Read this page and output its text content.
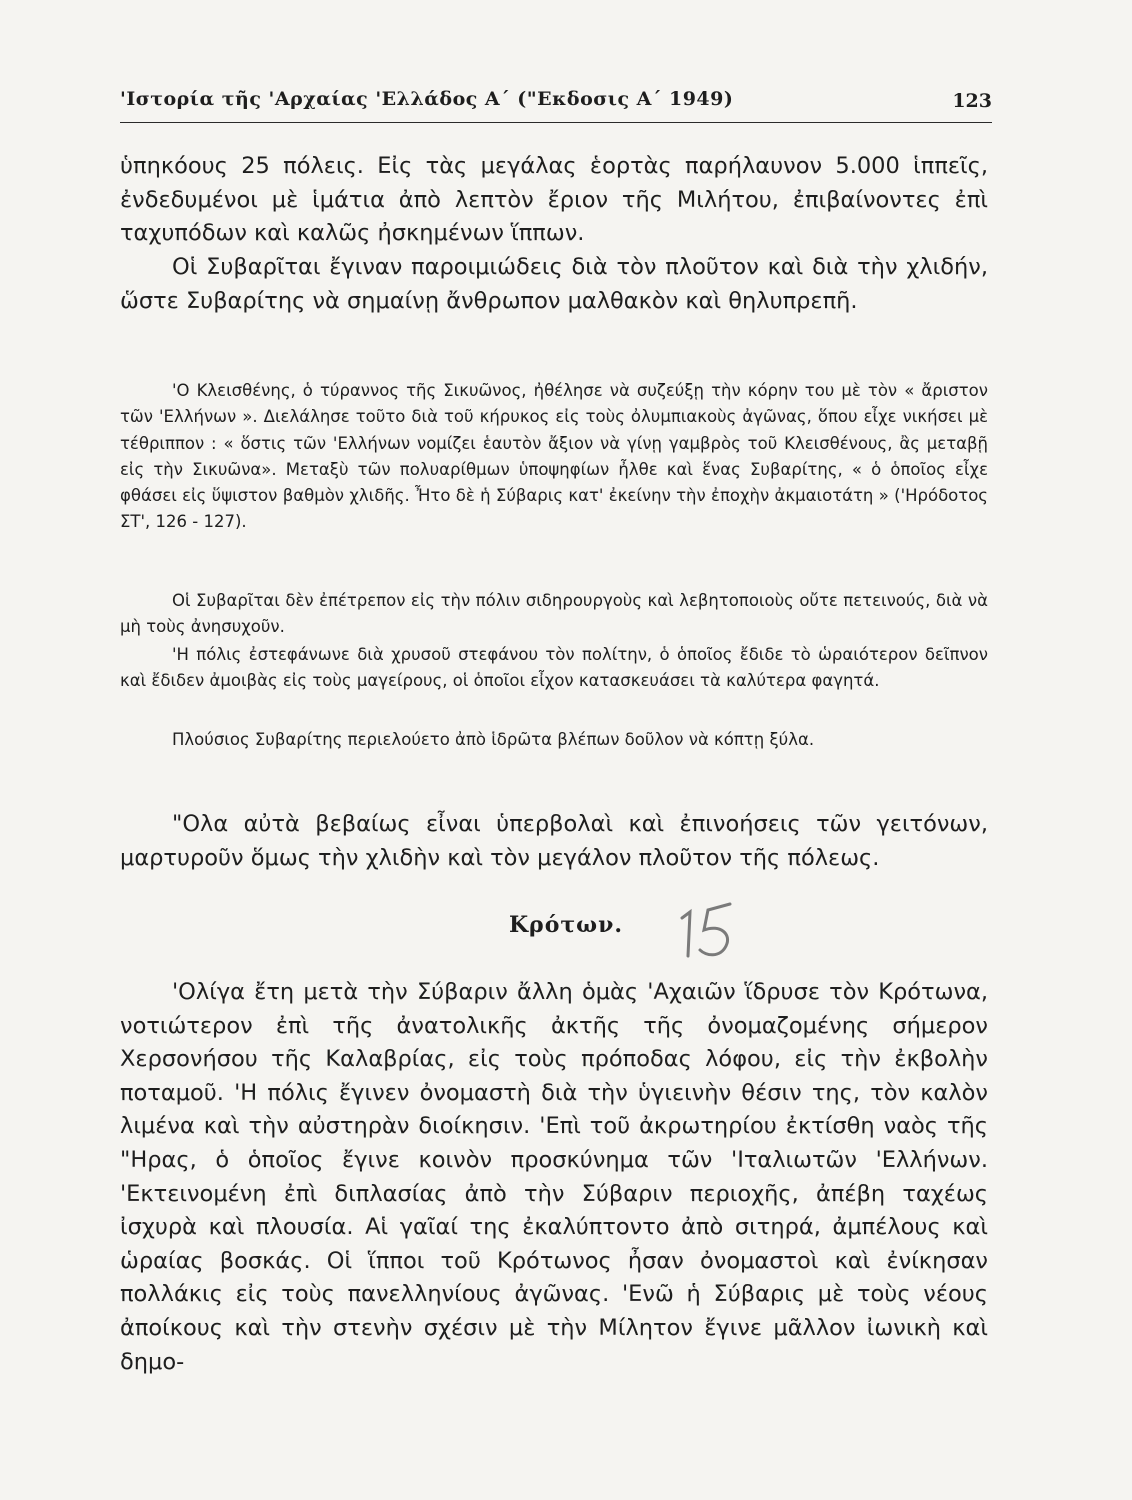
'Ιστορία τῆς 'Αρχαίας 'Ελλάδος Α΄ ("Εκδοσις Α΄ 1949)	123

ὑπηκόους 25 πόλεις. Εἰς τὰς μεγάλας ἑορτὰς παρήλαυνον 5.000 ἱππεῖς, ἐνδεδυμένοι μὲ ἱμάτια ἀπὸ λεπτὸν ἔριον τῆς Μιλήτου, ἐπιβαίνοντες ἐπὶ ταχυπόδων καὶ καλῶς ἠσκημένων ἵππων.

Οἱ Συβαρῖται ἔγιναν παροιμιώδεις διὰ τὸν πλοῦτον καὶ διὰ τὴν χλιδήν, ὥστε Συβαρίτης νὰ σημαίνῃ ἄνθρωπον μαλθακὸν καὶ θηλυπρεπῆ.

'Ο Κλεισθένης, ὁ τύραννος τῆς Σικυῶνος, ἠθέλησε νὰ συζεύξῃ τὴν κόρην του μὲ τὸν « ἄριστον τῶν 'Ελλήνων ». Διελάλησε τοῦτο διὰ τοῦ κήρυκος εἰς τοὺς ὀλυμπιακοὺς ἀγῶνας, ὅπου εἶχε νικήσει μὲ τέθριππον : « ὅστις τῶν 'Ελλήνων νομίζει ἑαυτὸν ἄξιον νὰ γίνῃ γαμβρὸς τοῦ Κλεισθένους, ἂς μεταβῇ εἰς τὴν Σικυῶνα». Μεταξὺ τῶν πολυαρίθμων ὑποψηφίων ἦλθε καὶ ἕνας Συβαρίτης, « ὁ ὁποῖος εἶχε φθάσει εἰς ὕψιστον βαθμὸν χλιδῆς. Ἦτο δὲ ἡ Σύβαρις κατ' ἐκείνην τὴν ἐποχὴν ἀκμαιοτάτη » ('Ηρόδοτος ΣΤ', 126 - 127).

Οἱ Συβαρῖται δὲν ἐπέτρεπον εἰς τὴν πόλιν σιδηρουργοὺς καὶ λεβητοποιοὺς οὔτε πετεινούς, διὰ νὰ μὴ τοὺς ἀνησυχοῦν.

'Η πόλις ἐστεφάνωνε διὰ χρυσοῦ στεφάνου τὸν πολίτην, ὁ ὁποῖος ἔδιδε τὸ ὡραιότερον δεῖπνον καὶ ἔδιδεν ἀμοιβὰς εἰς τοὺς μαγείρους, οἱ ὁποῖοι εἶχον κατασκευάσει τὰ καλύτερα φαγητά.

Πλούσιος Συβαρίτης περιελούετο ἀπὸ ἱδρῶτα βλέπων δοῦλον νὰ κόπτῃ ξύλα.

"Ολα αὐτὰ βεβαίως εἶναι ὑπερβολαὶ καὶ ἐπινοήσεις τῶν γειτόνων, μαρτυροῦν ὅμως τὴν χλιδὴν καὶ τὸν μεγάλον πλοῦτον τῆς πόλεως.

Κρότων.

'Ολίγα ἔτη μετὰ τὴν Σύβαριν ἄλλη ὁμὰς 'Αχαιῶν ἵδρυσε τὸν Κρότωνα, νοτιώτερον ἐπὶ τῆς ἀνατολικῆς ἀκτῆς τῆς ὀνομαζομένης σήμερον Χερσονήσου τῆς Καλαβρίας, εἰς τοὺς πρόποδας λόφου, εἰς τὴν ἐκβολὴν ποταμοῦ. 'Η πόλις ἔγινεν ὀνομαστὴ διὰ τὴν ὑγιεινὴν θέσιν της, τὸν καλὸν λιμένα καὶ τὴν αὐστηρὰν διοίκησιν. 'Επὶ τοῦ ἀκρωτηρίου ἐκτίσθη ναὸς τῆς "Ηρας, ὁ ὁποῖος ἔγινε κοινὸν προσκύνημα τῶν 'Ιταλιωτῶν 'Ελλήνων. 'Εκτεινομένη ἐπὶ διπλασίας ἀπὸ τὴν Σύβαριν περιοχῆς, ἀπέβη ταχέως ἰσχυρὰ καὶ πλουσία. Αἱ γαῖαί της ἐκαλύπτοντο ἀπὸ σιτηρά, ἀμπέλους καὶ ὡραίας βοσκάς. Οἱ ἵπποι τοῦ Κρότωνος ἦσαν ὀνομαστοὶ καὶ ἐνίκησαν πολλάκις εἰς τοὺς πανελληνίους ἀγῶνας. 'Ενῶ ἡ Σύβαρις μὲ τοὺς νέους ἀποίκους καὶ τὴν στενὴν σχέσιν μὲ τὴν Μίλητον ἔγινε μᾶλλον ἰωνικὴ καὶ δημο-
